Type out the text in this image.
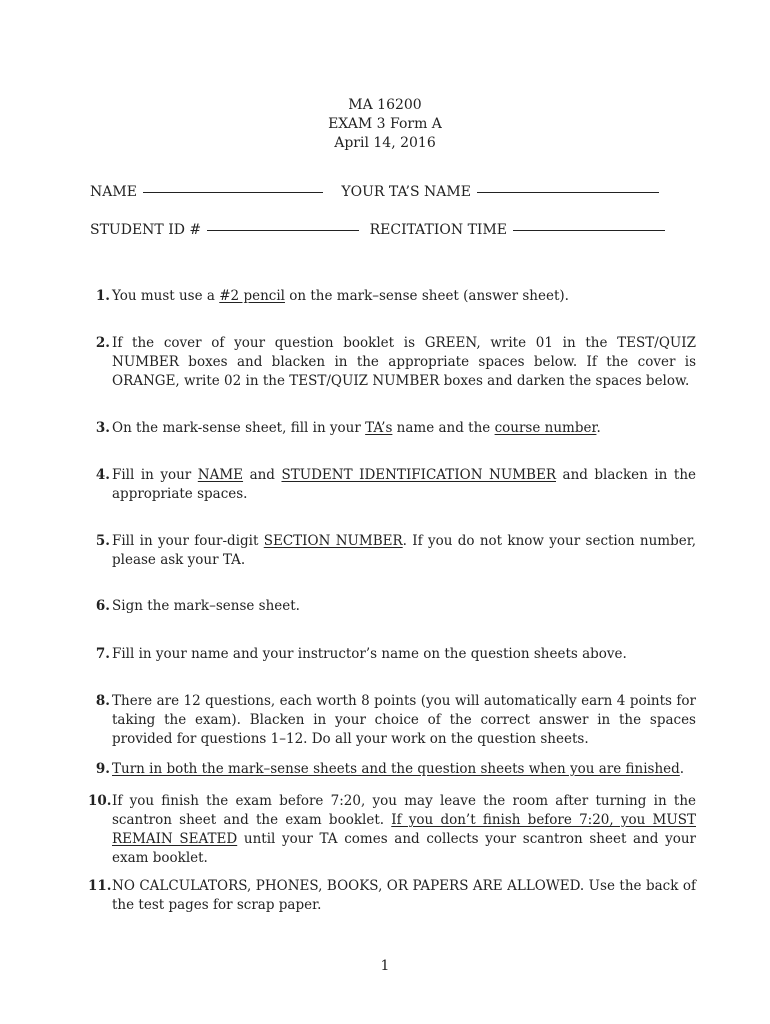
MA 16200
EXAM 3 Form A
April 14, 2016
NAME	YOUR TA’S NAME
STUDENT ID #	RECITATION TIME
1. You must use a #2 pencil on the mark–sense sheet (answer sheet).
2. If the cover of your question booklet is GREEN, write 01 in the TEST/QUIZ NUMBER boxes and blacken in the appropriate spaces below. If the cover is ORANGE, write 02 in the TEST/QUIZ NUMBER boxes and darken the spaces below.
3. On the mark-sense sheet, fill in your TA’s name and the course number.
4. Fill in your NAME and STUDENT IDENTIFICATION NUMBER and blacken in the appropriate spaces.
5. Fill in your four-digit SECTION NUMBER. If you do not know your section number, please ask your TA.
6. Sign the mark–sense sheet.
7. Fill in your name and your instructor’s name on the question sheets above.
8. There are 12 questions, each worth 8 points (you will automatically earn 4 points for taking the exam). Blacken in your choice of the correct answer in the spaces provided for questions 1–12. Do all your work on the question sheets.
9. Turn in both the mark–sense sheets and the question sheets when you are finished.
10. If you finish the exam before 7:20, you may leave the room after turning in the scantron sheet and the exam booklet. If you don’t finish before 7:20, you MUST REMAIN SEATED until your TA comes and collects your scantron sheet and your exam booklet.
11. NO CALCULATORS, PHONES, BOOKS, OR PAPERS ARE ALLOWED. Use the back of the test pages for scrap paper.
1
